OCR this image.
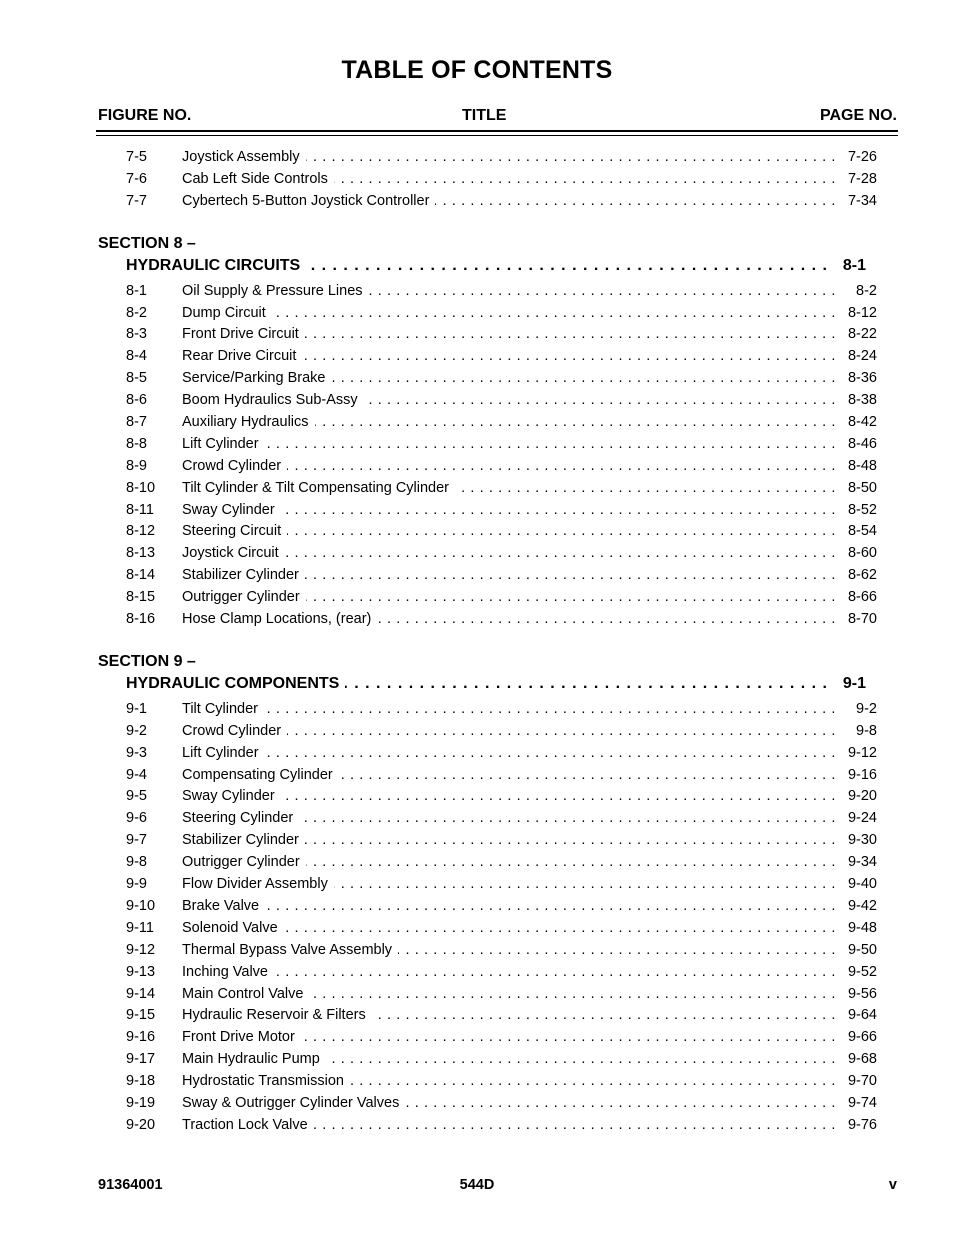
TABLE OF CONTENTS
FIGURE NO.	TITLE	PAGE NO.
7-5 Joystick Assembly . . .	7-26
7-6 Cab Left Side Controls . . .	7-28
7-7 Cybertech 5-Button Joystick Controller . . .	7-34
SECTION 8 –
HYDRAULIC CIRCUITS . . .	8-1
8-1 Oil Supply & Pressure Lines . . .	8-2
8-2 Dump Circuit . . .	8-12
8-3 Front Drive Circuit . . .	8-22
8-4 Rear Drive Circuit . . .	8-24
8-5 Service/Parking Brake . . .	8-36
8-6 Boom Hydraulics Sub-Assy . . .	8-38
8-7 Auxiliary Hydraulics . . .	8-42
8-8 Lift Cylinder . . .	8-46
8-9 Crowd Cylinder . . .	8-48
8-10 Tilt Cylinder & Tilt Compensating Cylinder . . .	8-50
8-11 Sway Cylinder . . .	8-52
8-12 Steering Circuit . . .	8-54
8-13 Joystick Circuit . . .	8-60
8-14 Stabilizer Cylinder . . .	8-62
8-15 Outrigger Cylinder . . .	8-66
8-16 Hose Clamp Locations, (rear) . . .	8-70
SECTION 9 –
HYDRAULIC COMPONENTS . . .	9-1
9-1 Tilt Cylinder . . .	9-2
9-2 Crowd Cylinder . . .	9-8
9-3 Lift Cylinder . . .	9-12
9-4 Compensating Cylinder . . .	9-16
9-5 Sway Cylinder . . .	9-20
9-6 Steering Cylinder . . .	9-24
9-7 Stabilizer Cylinder . . .	9-30
9-8 Outrigger Cylinder . . .	9-34
9-9 Flow Divider Assembly . . .	9-40
9-10 Brake Valve . . .	9-42
9-11 Solenoid Valve . . .	9-48
9-12 Thermal Bypass Valve Assembly . . .	9-50
9-13 Inching Valve . . .	9-52
9-14 Main Control Valve . . .	9-56
9-15 Hydraulic Reservoir & Filters . . .	9-64
9-16 Front Drive Motor . . .	9-66
9-17 Main Hydraulic Pump . . .	9-68
9-18 Hydrostatic Transmission . . .	9-70
9-19 Sway & Outrigger Cylinder Valves . . .	9-74
9-20 Traction Lock Valve . . .	9-76
91364001	544D	v
